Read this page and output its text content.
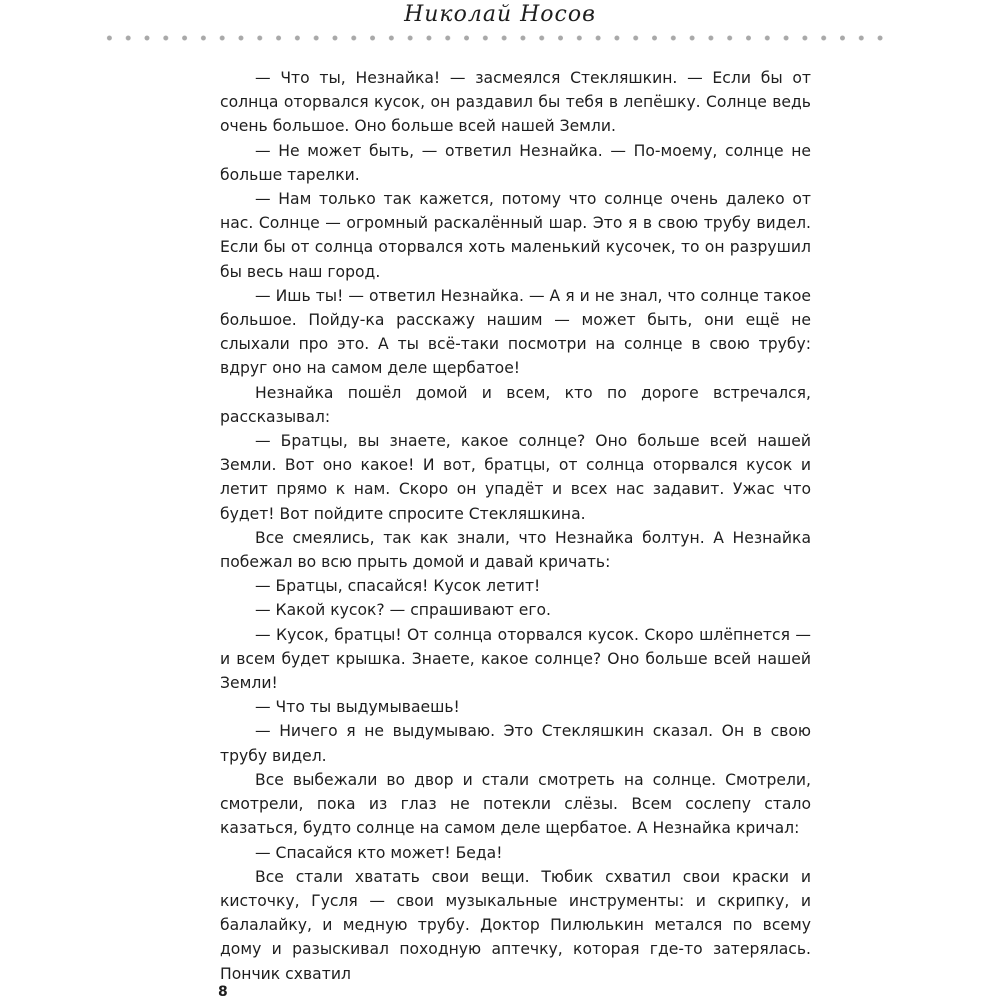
Николай Носов

— Что ты, Незнайка! — засмеялся Стекляшкин. — Если бы от солнца оторвался кусок, он раздавил бы тебя в лепёшку. Солнце ведь очень большое. Оно больше всей нашей Земли.

— Не может быть, — ответил Незнайка. — По-моему, солнце не больше тарелки.

— Нам только так кажется, потому что солнце очень далеко от нас. Солнце — огромный раскалённый шар. Это я в свою трубу видел. Если бы от солнца оторвался хоть маленький кусочек, то он разрушил бы весь наш город.

— Ишь ты! — ответил Незнайка. — А я и не знал, что солнце такое большое. Пойду-ка расскажу нашим — может быть, они ещё не слыхали про это. А ты всё-таки посмотри на солнце в свою трубу: вдруг оно на самом деле щербатое!

Незнайка пошёл домой и всем, кто по дороге встречался, рассказывал:

— Братцы, вы знаете, какое солнце? Оно больше всей нашей Земли. Вот оно какое! И вот, братцы, от солнца оторвался кусок и летит прямо к нам. Скоро он упадёт и всех нас задавит. Ужас что будет! Вот пойдите спросите Стекляшкина.

Все смеялись, так как знали, что Незнайка болтун. А Незнайка побежал во всю прыть домой и давай кричать:

— Братцы, спасайся! Кусок летит!

— Какой кусок? — спрашивают его.

— Кусок, братцы! От солнца оторвался кусок. Скоро шлёпнется — и всем будет крышка. Знаете, какое солнце? Оно больше всей нашей Земли!

— Что ты выдумываешь!

— Ничего я не выдумываю. Это Стекляшкин сказал. Он в свою трубу видел.

Все выбежали во двор и стали смотреть на солнце. Смотрели, смотрели, пока из глаз не потекли слёзы. Всем сослепу стало казаться, будто солнце на самом деле щербатое. А Незнайка кричал:

— Спасайся кто может! Беда!

Все стали хватать свои вещи. Тюбик схватил свои краски и кисточку, Гусля — свои музыкальные инструменты: и скрипку, и балалайку, и медную трубу. Доктор Пилюлькин метался по всему дому и разыскивал походную аптечку, которая где-то затерялась. Пончик схватил

8
